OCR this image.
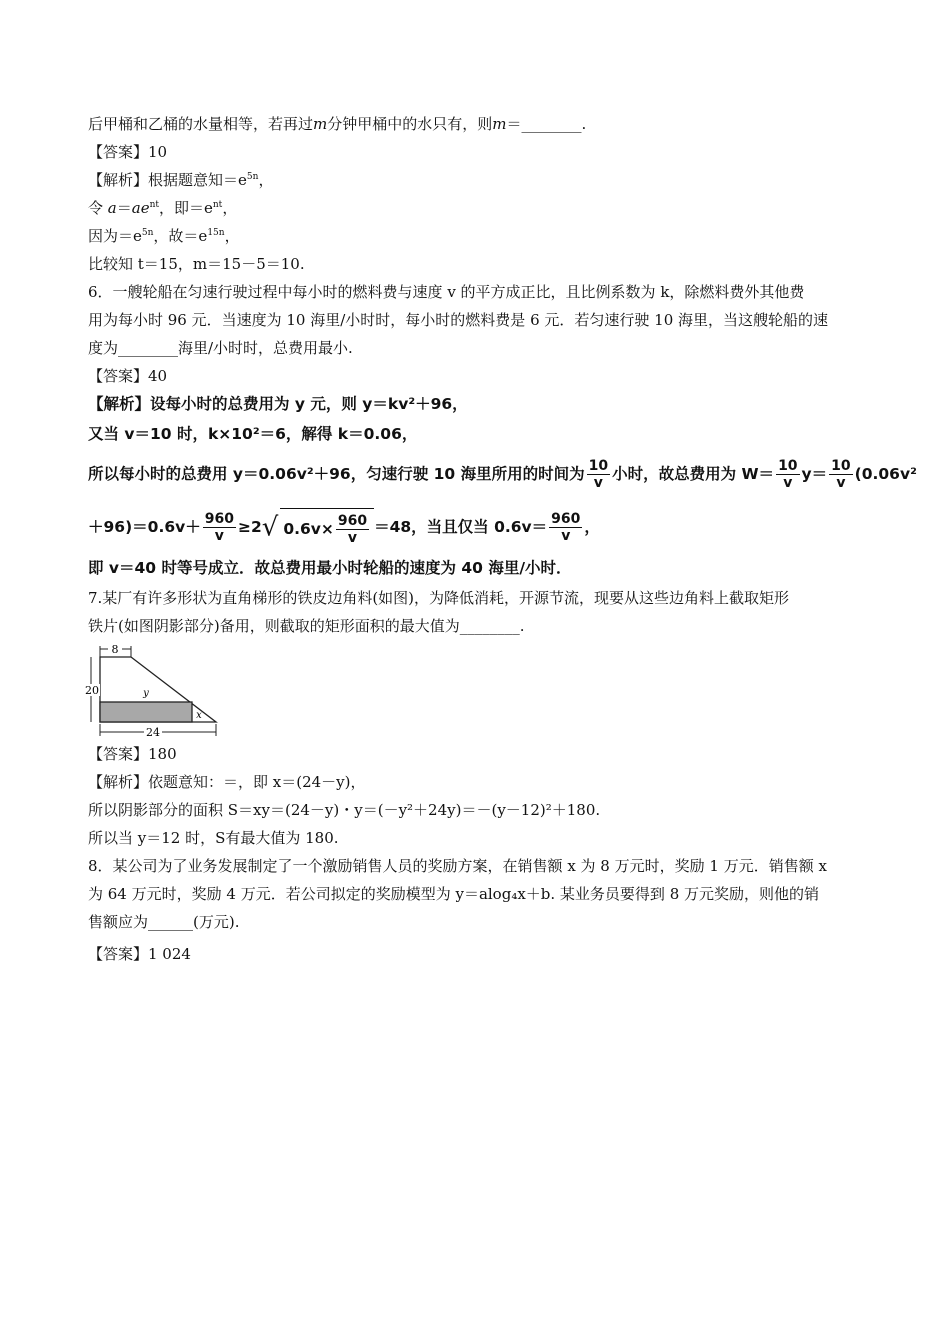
后甲桶和乙桶的水量相等，若再过m分钟甲桶中的水只有，则m＝________.
【答案】10
【解析】根据题意知$=e^{5n}$，
令 $a=ae^{nt}$，即$=e^{nt}$，
因为$=e^{5n}$，故$=e^{15n}$，
比较知 t＝15，m＝15－5＝10.
6．一艘轮船在匀速行驶过程中每小时的燃料费与速度 v 的平方成正比，且比例系数为 k，除燃料费外其他费
用为每小时 96 元．当速度为 10 海里/小时时，每小时的燃料费是 6 元．若匀速行驶 10 海里，当这艘轮船的速
度为________海里/小时时，总费用最小.
【答案】40
【解析】设每小时的总费用为 y 元，则 y＝kv²＋96，
又当 v＝10 时，k×10²＝6，解得 k＝0.06，
所以每小时的总费用 y＝0.06v²＋96，匀速行驶 10 海里所用的时间为 $\frac{10}{v}$ 小时，故总费用为 $W= \frac{10}{v} y= \frac{10}{v} (0.06v^2$
$+96)=0.6v+ \frac{960}{v} \ge 2√$ $0.6v\times \frac{960}{v} =48$，当且仅当 $0.6v= \frac{960}{v}$ ，
即 v＝40 时等号成立．故总费用最小时轮船的速度为 40 海里/小时．
7.某厂有许多形状为直角梯形的铁皮边角料(如图)，为降低消耗，开源节流，现要从这些边角料上截取矩形
铁片(如图阴影部分)备用，则截取的矩形面积的最大值为________.
8
20
24
y
x
【答案】180
【解析】依题意知：＝，即 x＝(24－y)，
所以阴影部分的面积 S＝xy＝(24－y)・y＝(－y²＋24y)＝－(y－12)²＋180.
所以当 y＝12 时，S有最大值为 180.
8．某公司为了业务发展制定了一个激励销售人员的奖励方案，在销售额 x 为 8 万元时，奖励 1 万元．销售额 x
为 64 万元时，奖励 4 万元．若公司拟定的奖励模型为 y＝alog₄x＋b. 某业务员要得到 8 万元奖励，则他的销
售额应为______(万元).
【答案】1 024
